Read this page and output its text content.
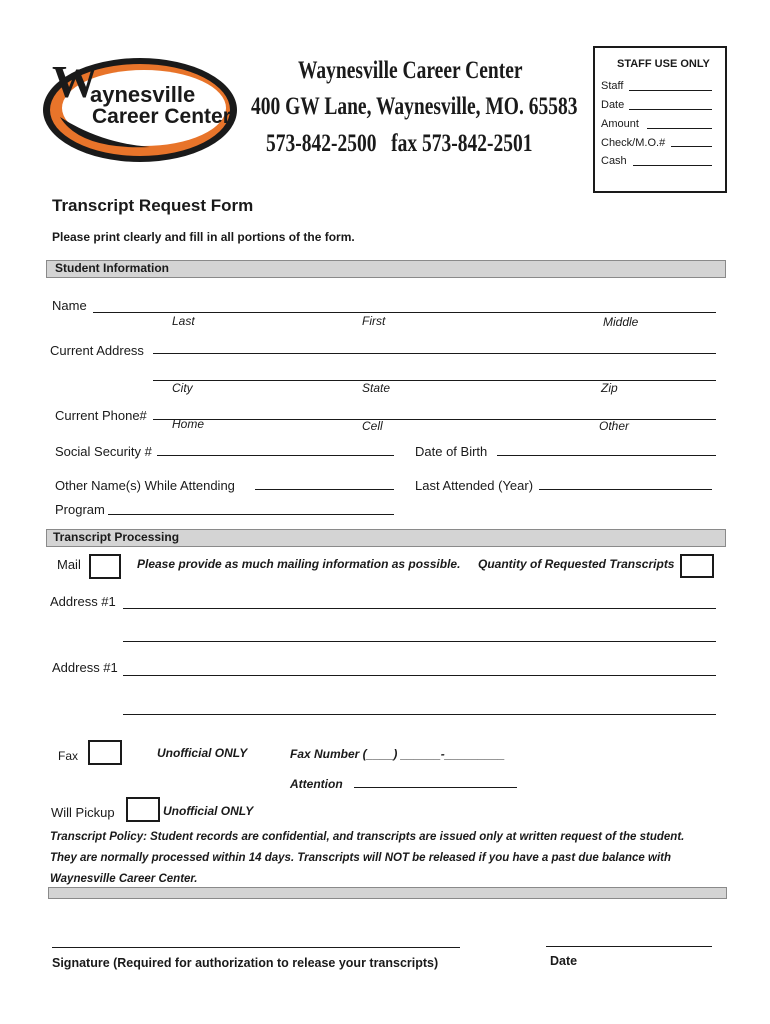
W
aynesville
Career Center
Waynesville Career Center
400 GW Lane, Waynesville, MO. 65583
573-842-2500   fax 573-842-2501
STAFF USE ONLY
Staff
Date
Amount
Check/M.O.#
Cash
Transcript Request Form
Please print clearly and fill in all portions of the form.
Student Information
Name
Last	First	Middle
Current Address
City	State	Zip
Current Phone#
Home	Cell	Other
Social Security #	Date of Birth
Other Name(s) While Attending	Last Attended (Year)
Program
Transcript Processing
Mail	Please provide as much mailing information as possible. Quantity of Requested Transcripts
Address #1
Address #1
Fax	Unofficial ONLY	Fax Number (____) ______-_________
Attention
Will Pickup	Unofficial ONLY
Transcript Policy: Student records are confidential, and transcripts are issued only at written request of the student.
They are normally processed within 14 days. Transcripts will NOT be released if you have a past due balance with
Waynesville Career Center.
Signature (Required for authorization to release your transcripts)	Date
